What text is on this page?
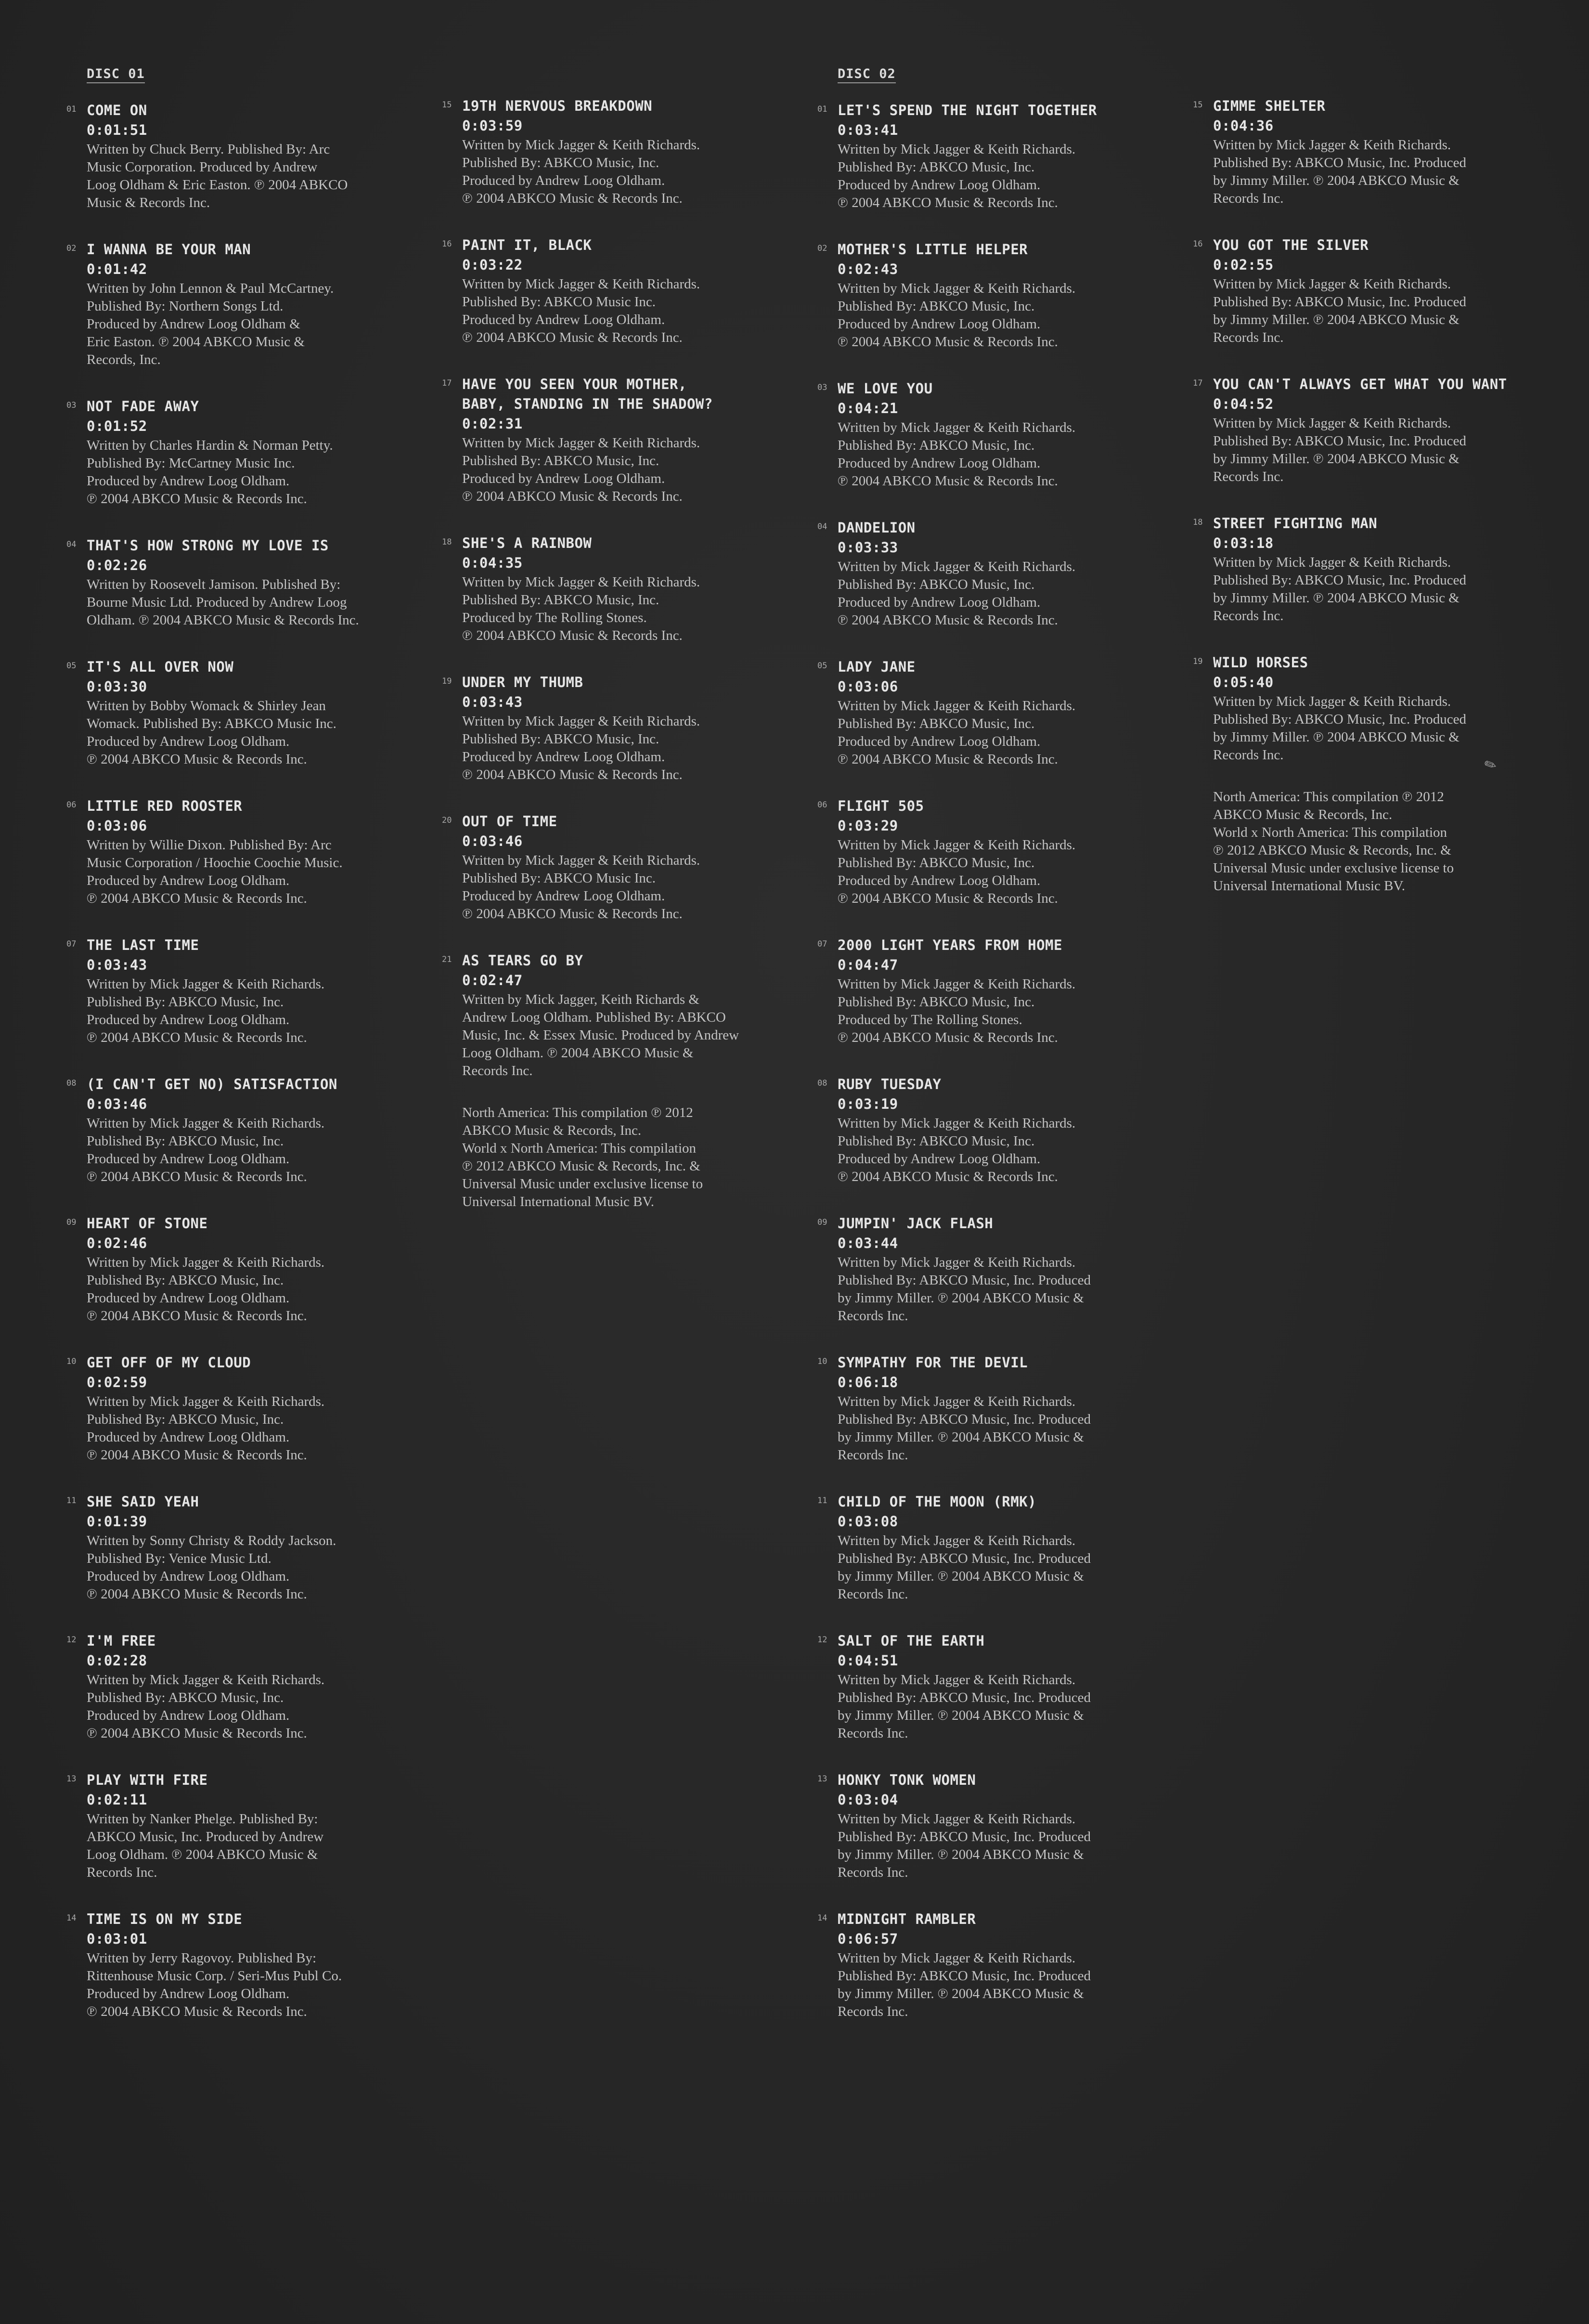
DISC 01
01 COME ON
0:01:51
Written by Chuck Berry. Published By: Arc
Music Corporation. Produced by Andrew
Loog Oldham & Eric Easton. ℗ 2004 ABKCO
Music & Records Inc.
02 I WANNA BE YOUR MAN
0:01:42
Written by John Lennon & Paul McCartney.
Published By: Northern Songs Ltd.
Produced by Andrew Loog Oldham &
Eric Easton. ℗ 2004 ABKCO Music &
Records, Inc.
03 NOT FADE AWAY
0:01:52
Written by Charles Hardin & Norman Petty.
Published By: McCartney Music Inc.
Produced by Andrew Loog Oldham.
℗ 2004 ABKCO Music & Records Inc.
04 THAT'S HOW STRONG MY LOVE IS
0:02:26
Written by Roosevelt Jamison. Published By:
Bourne Music Ltd. Produced by Andrew Loog
Oldham. ℗ 2004 ABKCO Music & Records Inc.
05 IT'S ALL OVER NOW
0:03:30
Written by Bobby Womack & Shirley Jean
Womack. Published By: ABKCO Music Inc.
Produced by Andrew Loog Oldham.
℗ 2004 ABKCO Music & Records Inc.
06 LITTLE RED ROOSTER
0:03:06
Written by Willie Dixon. Published By: Arc
Music Corporation / Hoochie Coochie Music.
Produced by Andrew Loog Oldham.
℗ 2004 ABKCO Music & Records Inc.
07 THE LAST TIME
0:03:43
Written by Mick Jagger & Keith Richards.
Published By: ABKCO Music, Inc.
Produced by Andrew Loog Oldham.
℗ 2004 ABKCO Music & Records Inc.
08 (I CAN'T GET NO) SATISFACTION
0:03:46
Written by Mick Jagger & Keith Richards.
Published By: ABKCO Music, Inc.
Produced by Andrew Loog Oldham.
℗ 2004 ABKCO Music & Records Inc.
09 HEART OF STONE
0:02:46
Written by Mick Jagger & Keith Richards.
Published By: ABKCO Music, Inc.
Produced by Andrew Loog Oldham.
℗ 2004 ABKCO Music & Records Inc.
10 GET OFF OF MY CLOUD
0:02:59
Written by Mick Jagger & Keith Richards.
Published By: ABKCO Music, Inc.
Produced by Andrew Loog Oldham.
℗ 2004 ABKCO Music & Records Inc.
11 SHE SAID YEAH
0:01:39
Written by Sonny Christy & Roddy Jackson.
Published By: Venice Music Ltd.
Produced by Andrew Loog Oldham.
℗ 2004 ABKCO Music & Records Inc.
12 I'M FREE
0:02:28
Written by Mick Jagger & Keith Richards.
Published By: ABKCO Music, Inc.
Produced by Andrew Loog Oldham.
℗ 2004 ABKCO Music & Records Inc.
13 PLAY WITH FIRE
0:02:11
Written by Nanker Phelge. Published By:
ABKCO Music, Inc. Produced by Andrew
Loog Oldham. ℗ 2004 ABKCO Music &
Records Inc.
14 TIME IS ON MY SIDE
0:03:01
Written by Jerry Ragovoy. Published By:
Rittenhouse Music Corp. / Seri-Mus Publ Co.
Produced by Andrew Loog Oldham.
℗ 2004 ABKCO Music & Records Inc.
15 19TH NERVOUS BREAKDOWN
0:03:59
Written by Mick Jagger & Keith Richards.
Published By: ABKCO Music, Inc.
Produced by Andrew Loog Oldham.
℗ 2004 ABKCO Music & Records Inc.
16 PAINT IT, BLACK
0:03:22
Written by Mick Jagger & Keith Richards.
Published By: ABKCO Music Inc.
Produced by Andrew Loog Oldham.
℗ 2004 ABKCO Music & Records Inc.
17 HAVE YOU SEEN YOUR MOTHER,
BABY, STANDING IN THE SHADOW?
0:02:31
Written by Mick Jagger & Keith Richards.
Published By: ABKCO Music, Inc.
Produced by Andrew Loog Oldham.
℗ 2004 ABKCO Music & Records Inc.
18 SHE'S A RAINBOW
0:04:35
Written by Mick Jagger & Keith Richards.
Published By: ABKCO Music, Inc.
Produced by The Rolling Stones.
℗ 2004 ABKCO Music & Records Inc.
19 UNDER MY THUMB
0:03:43
Written by Mick Jagger & Keith Richards.
Published By: ABKCO Music, Inc.
Produced by Andrew Loog Oldham.
℗ 2004 ABKCO Music & Records Inc.
20 OUT OF TIME
0:03:46
Written by Mick Jagger & Keith Richards.
Published By: ABKCO Music Inc.
Produced by Andrew Loog Oldham.
℗ 2004 ABKCO Music & Records Inc.
21 AS TEARS GO BY
0:02:47
Written by Mick Jagger, Keith Richards &
Andrew Loog Oldham. Published By: ABKCO
Music, Inc. & Essex Music. Produced by Andrew
Loog Oldham. ℗ 2004 ABKCO Music &
Records Inc.
North America: This compilation ℗ 2012
ABKCO Music & Records, Inc.
World x North America: This compilation
℗ 2012 ABKCO Music & Records, Inc. &
Universal Music under exclusive license to
Universal International Music BV.
DISC 02
01 LET'S SPEND THE NIGHT TOGETHER
0:03:41
Written by Mick Jagger & Keith Richards.
Published By: ABKCO Music, Inc.
Produced by Andrew Loog Oldham.
℗ 2004 ABKCO Music & Records Inc.
02 MOTHER'S LITTLE HELPER
0:02:43
Written by Mick Jagger & Keith Richards.
Published By: ABKCO Music, Inc.
Produced by Andrew Loog Oldham.
℗ 2004 ABKCO Music & Records Inc.
03 WE LOVE YOU
0:04:21
Written by Mick Jagger & Keith Richards.
Published By: ABKCO Music, Inc.
Produced by Andrew Loog Oldham.
℗ 2004 ABKCO Music & Records Inc.
04 DANDELION
0:03:33
Written by Mick Jagger & Keith Richards.
Published By: ABKCO Music, Inc.
Produced by Andrew Loog Oldham.
℗ 2004 ABKCO Music & Records Inc.
05 LADY JANE
0:03:06
Written by Mick Jagger & Keith Richards.
Published By: ABKCO Music, Inc.
Produced by Andrew Loog Oldham.
℗ 2004 ABKCO Music & Records Inc.
06 FLIGHT 505
0:03:29
Written by Mick Jagger & Keith Richards.
Published By: ABKCO Music, Inc.
Produced by Andrew Loog Oldham.
℗ 2004 ABKCO Music & Records Inc.
07 2000 LIGHT YEARS FROM HOME
0:04:47
Written by Mick Jagger & Keith Richards.
Published By: ABKCO Music, Inc.
Produced by The Rolling Stones.
℗ 2004 ABKCO Music & Records Inc.
08 RUBY TUESDAY
0:03:19
Written by Mick Jagger & Keith Richards.
Published By: ABKCO Music, Inc.
Produced by Andrew Loog Oldham.
℗ 2004 ABKCO Music & Records Inc.
09 JUMPIN' JACK FLASH
0:03:44
Written by Mick Jagger & Keith Richards.
Published By: ABKCO Music, Inc. Produced
by Jimmy Miller. ℗ 2004 ABKCO Music &
Records Inc.
10 SYMPATHY FOR THE DEVIL
0:06:18
Written by Mick Jagger & Keith Richards.
Published By: ABKCO Music, Inc. Produced
by Jimmy Miller. ℗ 2004 ABKCO Music &
Records Inc.
11 CHILD OF THE MOON (RMK)
0:03:08
Written by Mick Jagger & Keith Richards.
Published By: ABKCO Music, Inc. Produced
by Jimmy Miller. ℗ 2004 ABKCO Music &
Records Inc.
12 SALT OF THE EARTH
0:04:51
Written by Mick Jagger & Keith Richards.
Published By: ABKCO Music, Inc. Produced
by Jimmy Miller. ℗ 2004 ABKCO Music &
Records Inc.
13 HONKY TONK WOMEN
0:03:04
Written by Mick Jagger & Keith Richards.
Published By: ABKCO Music, Inc. Produced
by Jimmy Miller. ℗ 2004 ABKCO Music &
Records Inc.
14 MIDNIGHT RAMBLER
0:06:57
Written by Mick Jagger & Keith Richards.
Published By: ABKCO Music, Inc. Produced
by Jimmy Miller. ℗ 2004 ABKCO Music &
Records Inc.
15 GIMME SHELTER
0:04:36
Written by Mick Jagger & Keith Richards.
Published By: ABKCO Music, Inc. Produced
by Jimmy Miller. ℗ 2004 ABKCO Music &
Records Inc.
16 YOU GOT THE SILVER
0:02:55
Written by Mick Jagger & Keith Richards.
Published By: ABKCO Music, Inc. Produced
by Jimmy Miller. ℗ 2004 ABKCO Music &
Records Inc.
17 YOU CAN'T ALWAYS GET WHAT YOU WANT
0:04:52
Written by Mick Jagger & Keith Richards.
Published By: ABKCO Music, Inc. Produced
by Jimmy Miller. ℗ 2004 ABKCO Music &
Records Inc.
18 STREET FIGHTING MAN
0:03:18
Written by Mick Jagger & Keith Richards.
Published By: ABKCO Music, Inc. Produced
by Jimmy Miller. ℗ 2004 ABKCO Music &
Records Inc.
19 WILD HORSES
0:05:40
Written by Mick Jagger & Keith Richards.
Published By: ABKCO Music, Inc. Produced
by Jimmy Miller. ℗ 2004 ABKCO Music &
Records Inc.
North America: This compilation ℗ 2012
ABKCO Music & Records, Inc.
World x North America: This compilation
℗ 2012 ABKCO Music & Records, Inc. &
Universal Music under exclusive license to
Universal International Music BV.
✎
